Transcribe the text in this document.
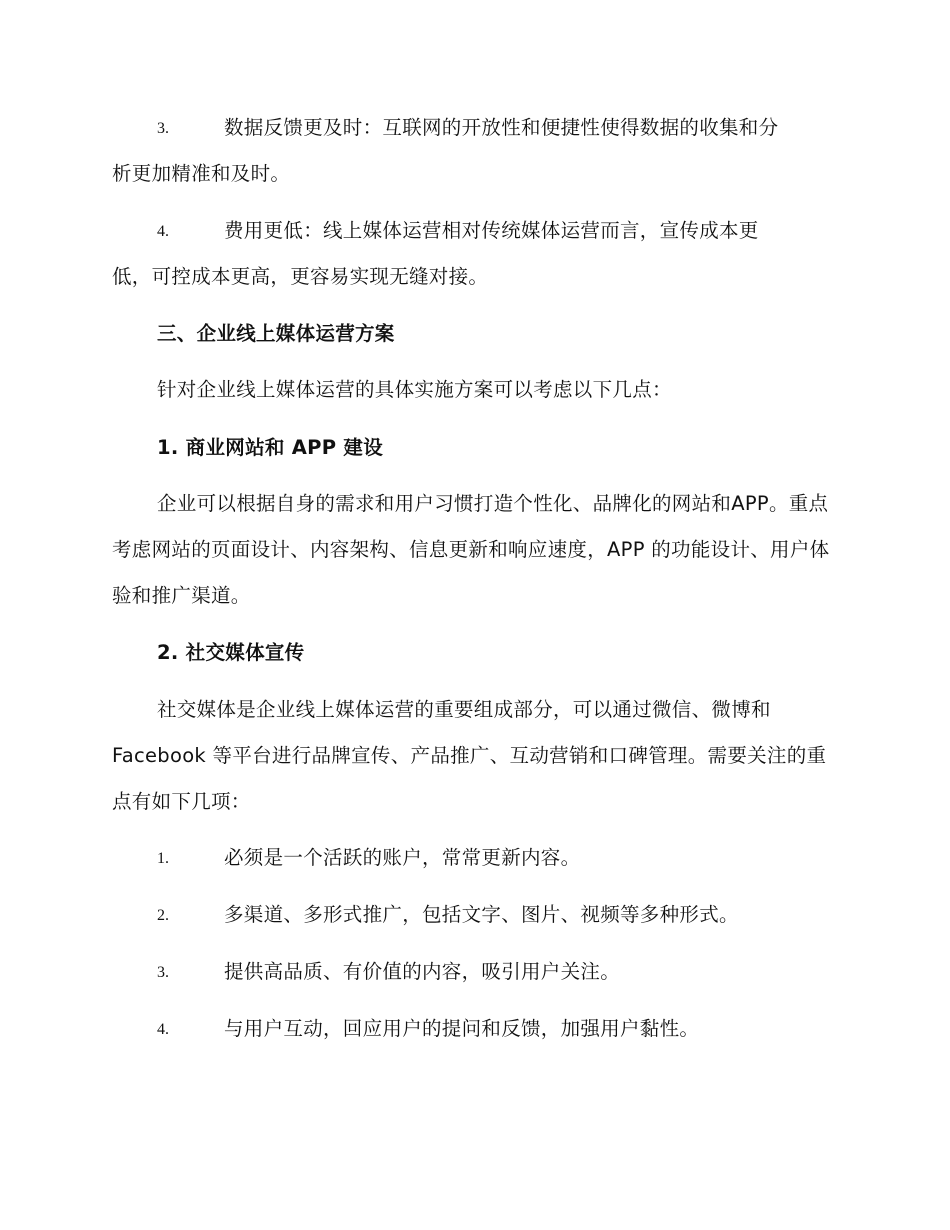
3.	数据反馈更及时：互联网的开放性和便捷性使得数据的收集和分
析更加精准和及时。
4.	费用更低：线上媒体运营相对传统媒体运营而言，宣传成本更
低，可控成本更高，更容易实现无缝对接。
三、企业线上媒体运营方案
针对企业线上媒体运营的具体实施方案可以考虑以下几点：
1. 商业网站和 APP 建设

企业可以根据自身的需求和用户习惯打造个性化、品牌化的网站和APP。重点考虑网站的页面设计、内容架构、信息更新和响应速度，APP 的功能设计、用户体验和推广渠道。

2. 社交媒体宣传

社交媒体是企业线上媒体运营的重要组成部分，可以通过微信、微博和Facebook 等平台进行品牌宣传、产品推广、互动营销和口碑管理。需要关注的重点有如下几项：

1.	必须是一个活跃的账户，常常更新内容。
2.	多渠道、多形式推广，包括文字、图片、视频等多种形式。
3.	提供高品质、有价值的内容，吸引用户关注。
4.	与用户互动，回应用户的提问和反馈，加强用户黏性。
